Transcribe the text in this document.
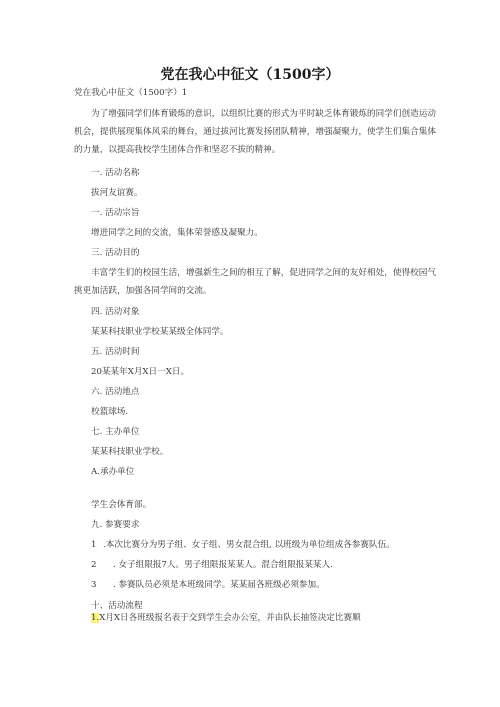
党在我心中征文（1500字）
党在我心中征文（1500字）1
为了增强同学们体育锻炼的意识，以组织比赛的形式为平时缺乏体育锻炼的同学们创造运动机会，提供展现集体风采的舞台，通过拔河比赛发扬团队精神，增强凝聚力，使学生们集合集体的力量，以提高我校学生团体合作和坚忍不拔的精神。
一. 活动名称
拔河友谊赛。
一. 活动宗旨
增进同学之间的交流，集体荣誉感及凝聚力。
三. 活动目的
丰富学生们的校园生活，增强新生之间的相互了解，促进同学之间的友好相处，使得校园气挑更加活跃，加强各同学间的交流。
四. 活动对象
某某科技职业学校某某级全体同学。
五. 活动时间
20某某年X月X日一X日。
六. 活动地点
校篮球场.
七. 主办单位
某某科技职业学校。
A.承办单位
学生会体育部。
九. 参赛要求
1 .本次比赛分为男子组、女子组、男女混合组, 以班级为单位组成各参赛队伍。
2 . 女子组限报7人。男子组限报某某人。混合组限报某某人.
3 . 参赛队员必须是本班级同学。某某届各班级必须参加。
十、活动流程
1.X月X日各班级报名表于交到学生会办公室，并由队长抽签决定比赛顺
